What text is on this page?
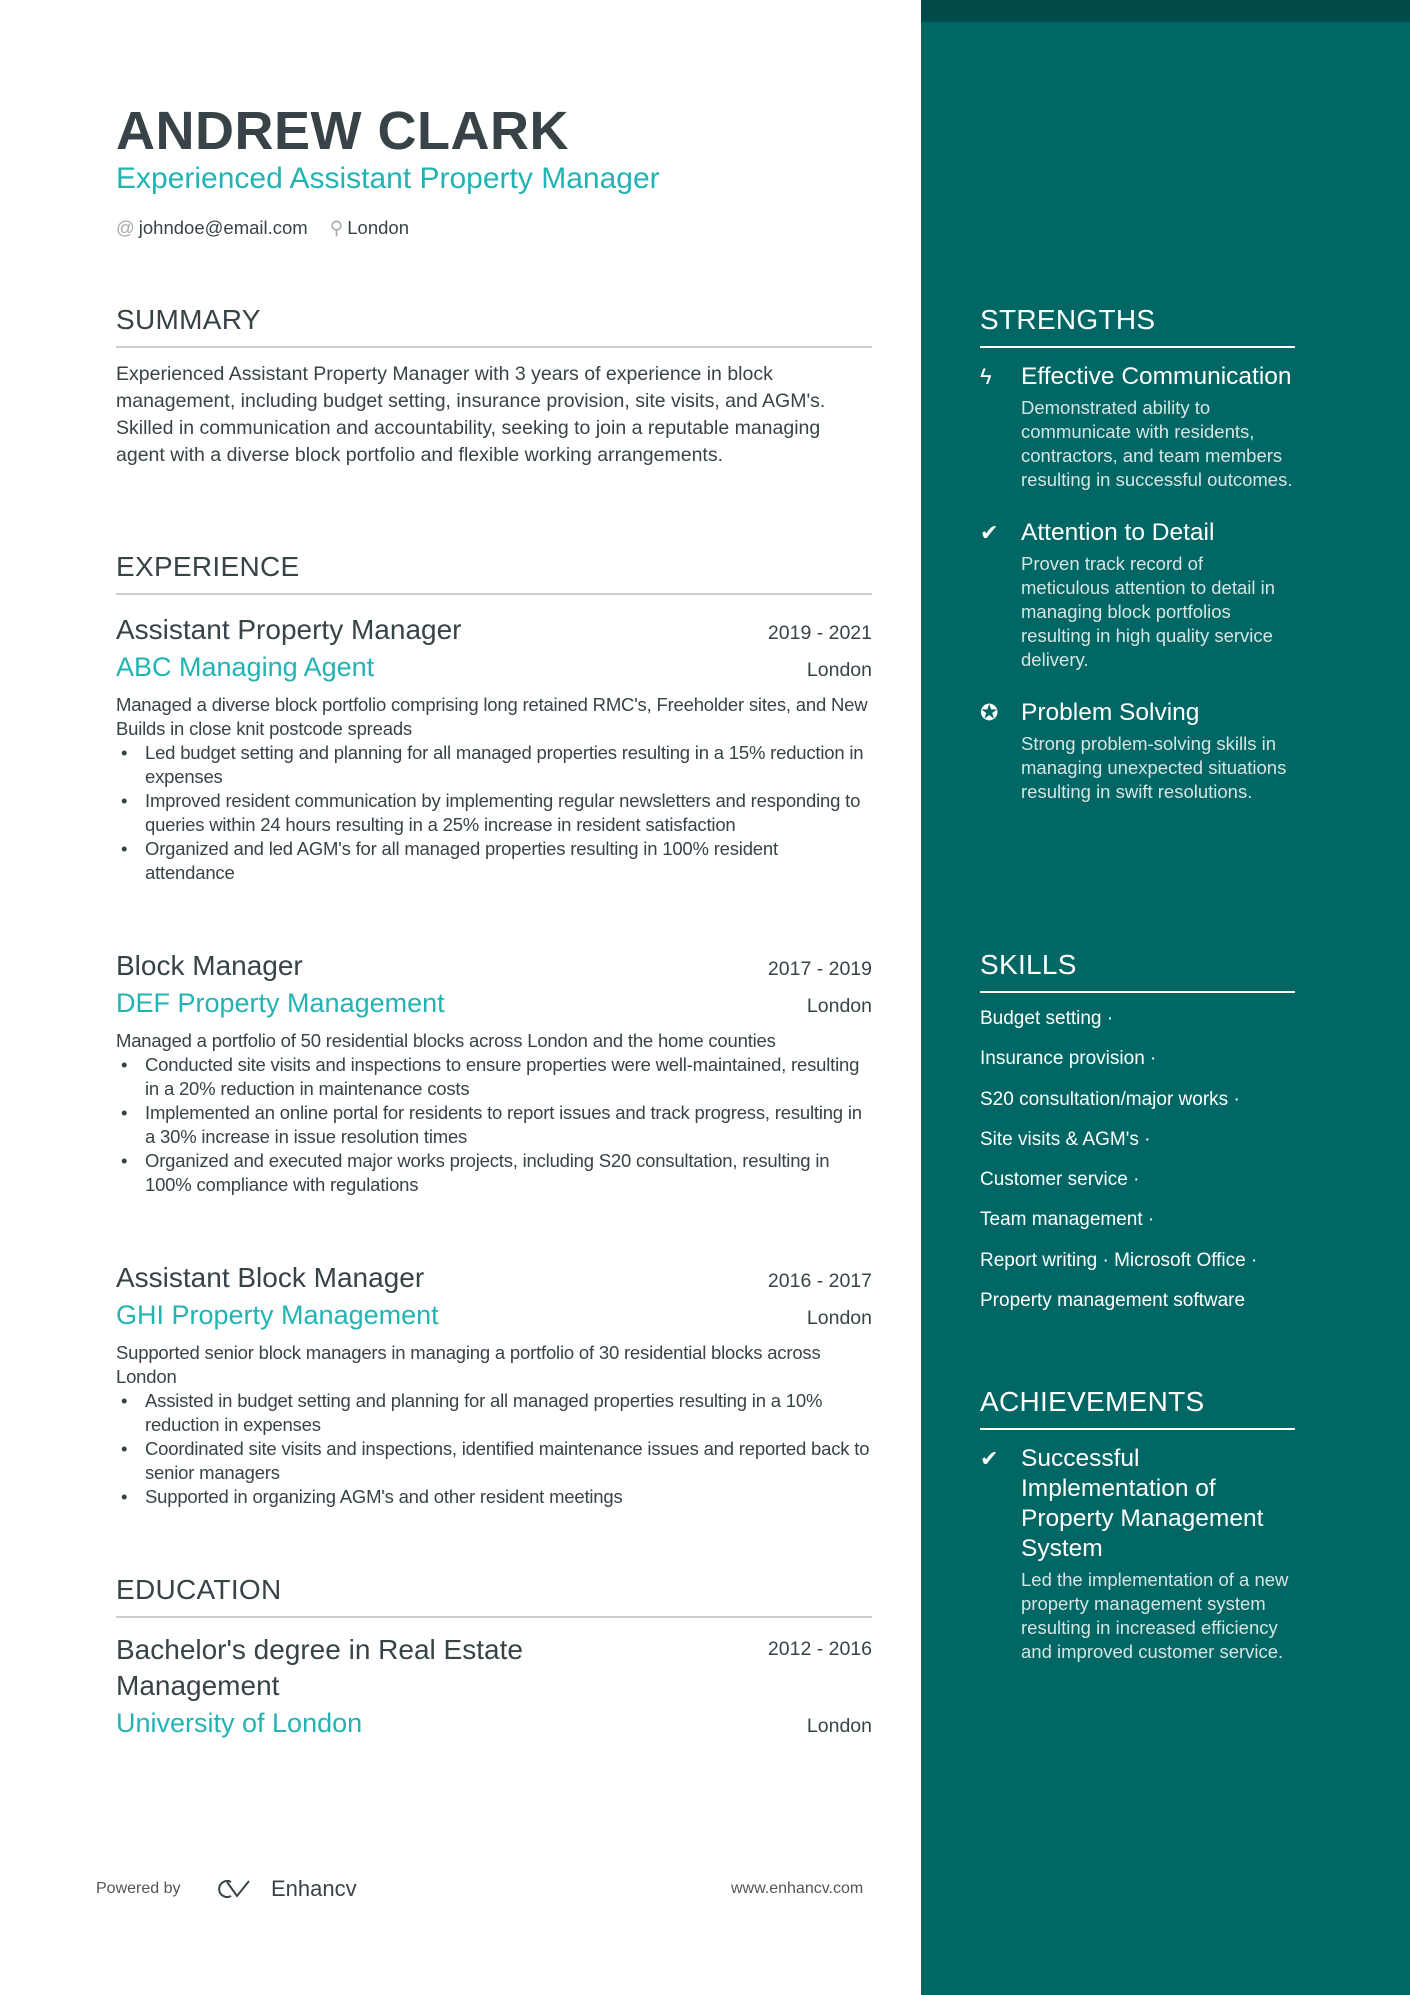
ANDREW CLARK
Experienced Assistant Property Manager
@ johndoe@email.com ⚲ London
SUMMARY
Experienced Assistant Property Manager with 3 years of experience in block management, including budget setting, insurance provision, site visits, and AGM's. Skilled in communication and accountability, seeking to join a reputable managing agent with a diverse block portfolio and flexible working arrangements.
EXPERIENCE
Assistant Property Manager	2019 - 2021
ABC Managing Agent	London
Managed a diverse block portfolio comprising long retained RMC's, Freeholder sites, and New Builds in close knit postcode spreads
• Led budget setting and planning for all managed properties resulting in a 15% reduction in expenses
• Improved resident communication by implementing regular newsletters and responding to queries within 24 hours resulting in a 25% increase in resident satisfaction
• Organized and led AGM's for all managed properties resulting in 100% resident attendance
Block Manager	2017 - 2019
DEF Property Management	London
Managed a portfolio of 50 residential blocks across London and the home counties
• Conducted site visits and inspections to ensure properties were well-maintained, resulting in a 20% reduction in maintenance costs
• Implemented an online portal for residents to report issues and track progress, resulting in a 30% increase in issue resolution times
• Organized and executed major works projects, including S20 consultation, resulting in 100% compliance with regulations
Assistant Block Manager	2016 - 2017
GHI Property Management	London
Supported senior block managers in managing a portfolio of 30 residential blocks across London
• Assisted in budget setting and planning for all managed properties resulting in a 10% reduction in expenses
• Coordinated site visits and inspections, identified maintenance issues and reported back to senior managers
• Supported in organizing AGM's and other resident meetings
EDUCATION
Bachelor's degree in Real Estate Management
2012 - 2016
University of London	London
Powered by	Enhancv	www.enhancv.com
STRENGTHS
ϟ	Effective Communication
Demonstrated ability to communicate with residents, contractors, and team members resulting in successful outcomes.
✔ Attention to Detail
Proven track record of meticulous attention to detail in managing block portfolios resulting in high quality service delivery.
✪ Problem Solving
Strong problem-solving skills in managing unexpected situations resulting in swift resolutions.
SKILLS
Budget setting ·
Insurance provision ·
S20 consultation/major works ·
Site visits & AGM's ·
Customer service ·
Team management ·
Report writing · Microsoft Office ·
Property management software
ACHIEVEMENTS
✔ Successful Implementation of Property Management System
Led the implementation of a new property management system resulting in increased efficiency and improved customer service.
